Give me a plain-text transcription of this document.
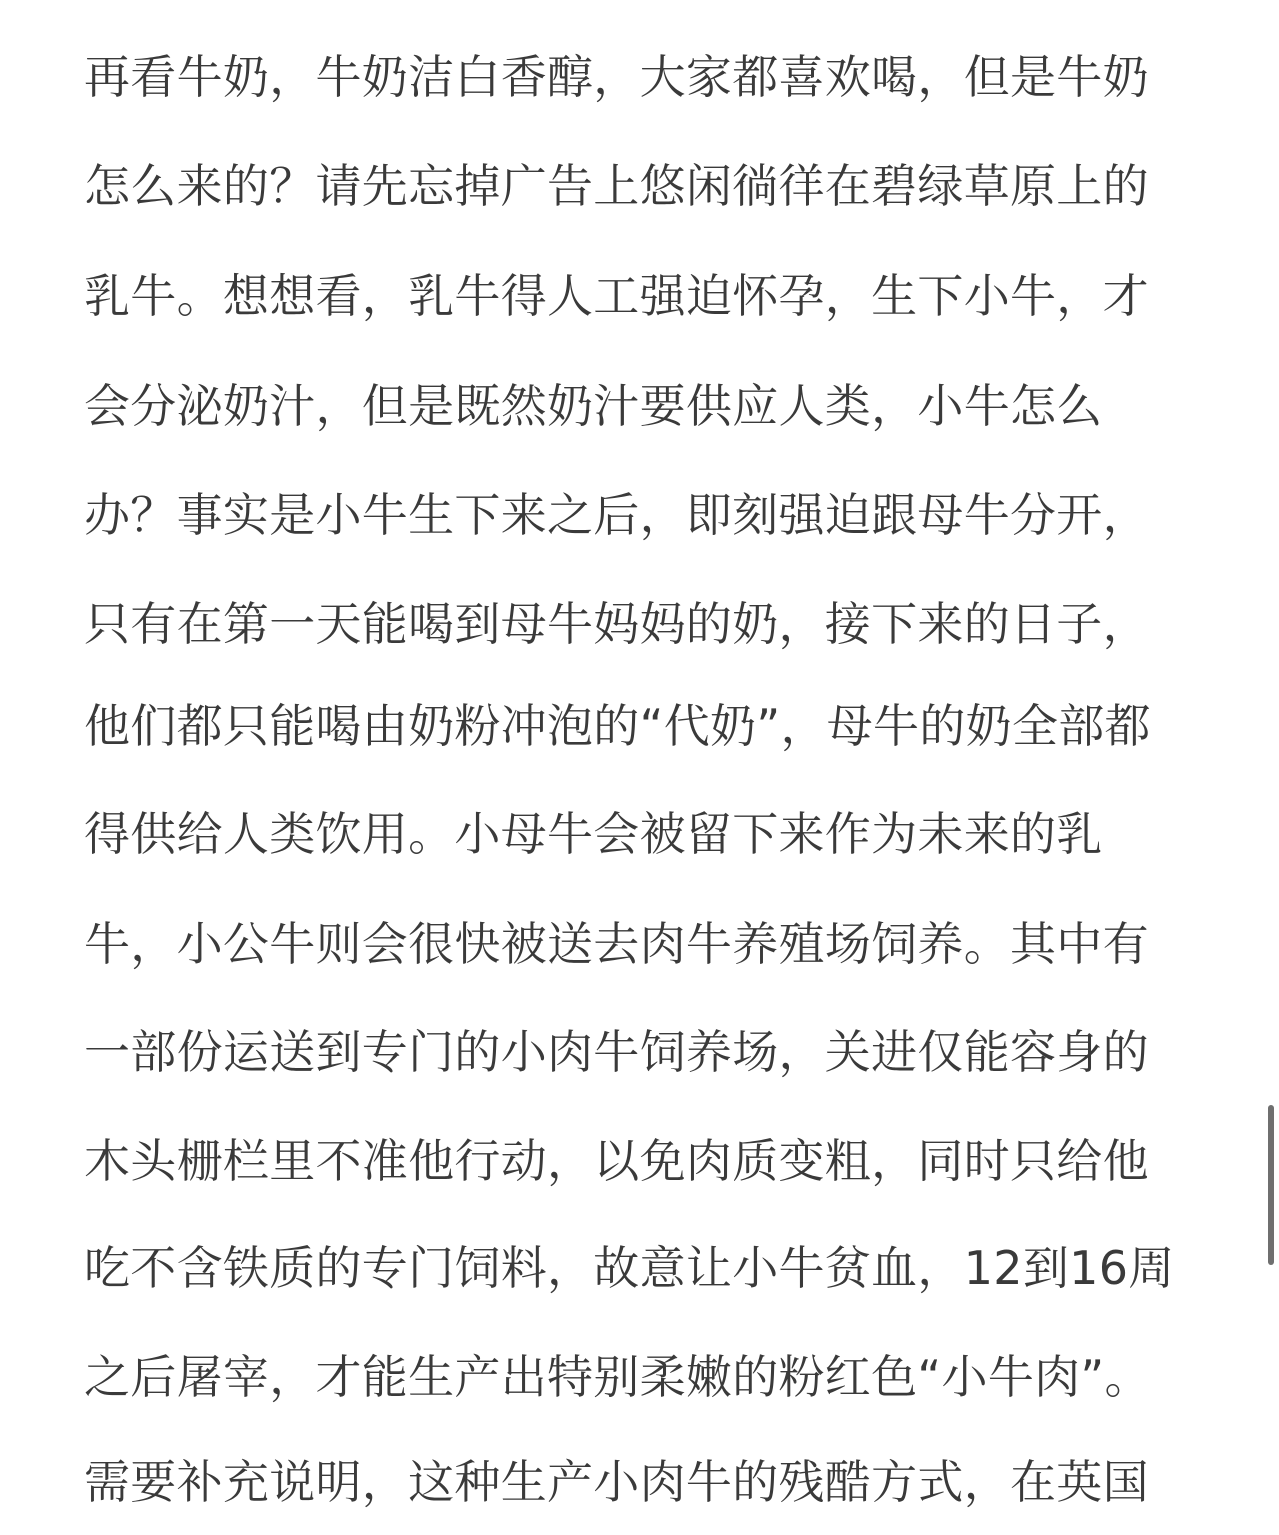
再看牛奶，牛奶洁白香醇，大家都喜欢喝，但是牛奶

怎么来的？请先忘掉广告上悠闲徜徉在碧绿草原上的

乳牛。想想看，乳牛得人工强迫怀孕，生下小牛，才

会分泌奶汁，但是既然奶汁要供应人类，小牛怎么

办？事实是小牛生下来之后，即刻强迫跟母牛分开，

只有在第一天能喝到母牛妈妈的奶，接下来的日子，

他们都只能喝由奶粉冲泡的“代奶”，母牛的奶全部都

得供给人类饮用。小母牛会被留下来作为未来的乳

牛，小公牛则会很快被送去肉牛养殖场饲养。其中有

一部份运送到专门的小肉牛饲养场，关进仅能容身的

木头栅栏里不准他行动，以免肉质变粗，同时只给他

吃不含铁质的专门饲料，故意让小牛贫血，12到16周

之后屠宰，才能生产出特别柔嫩的粉红色“小牛肉”。

需要补充说明，这种生产小肉牛的残酷方式，在英国
